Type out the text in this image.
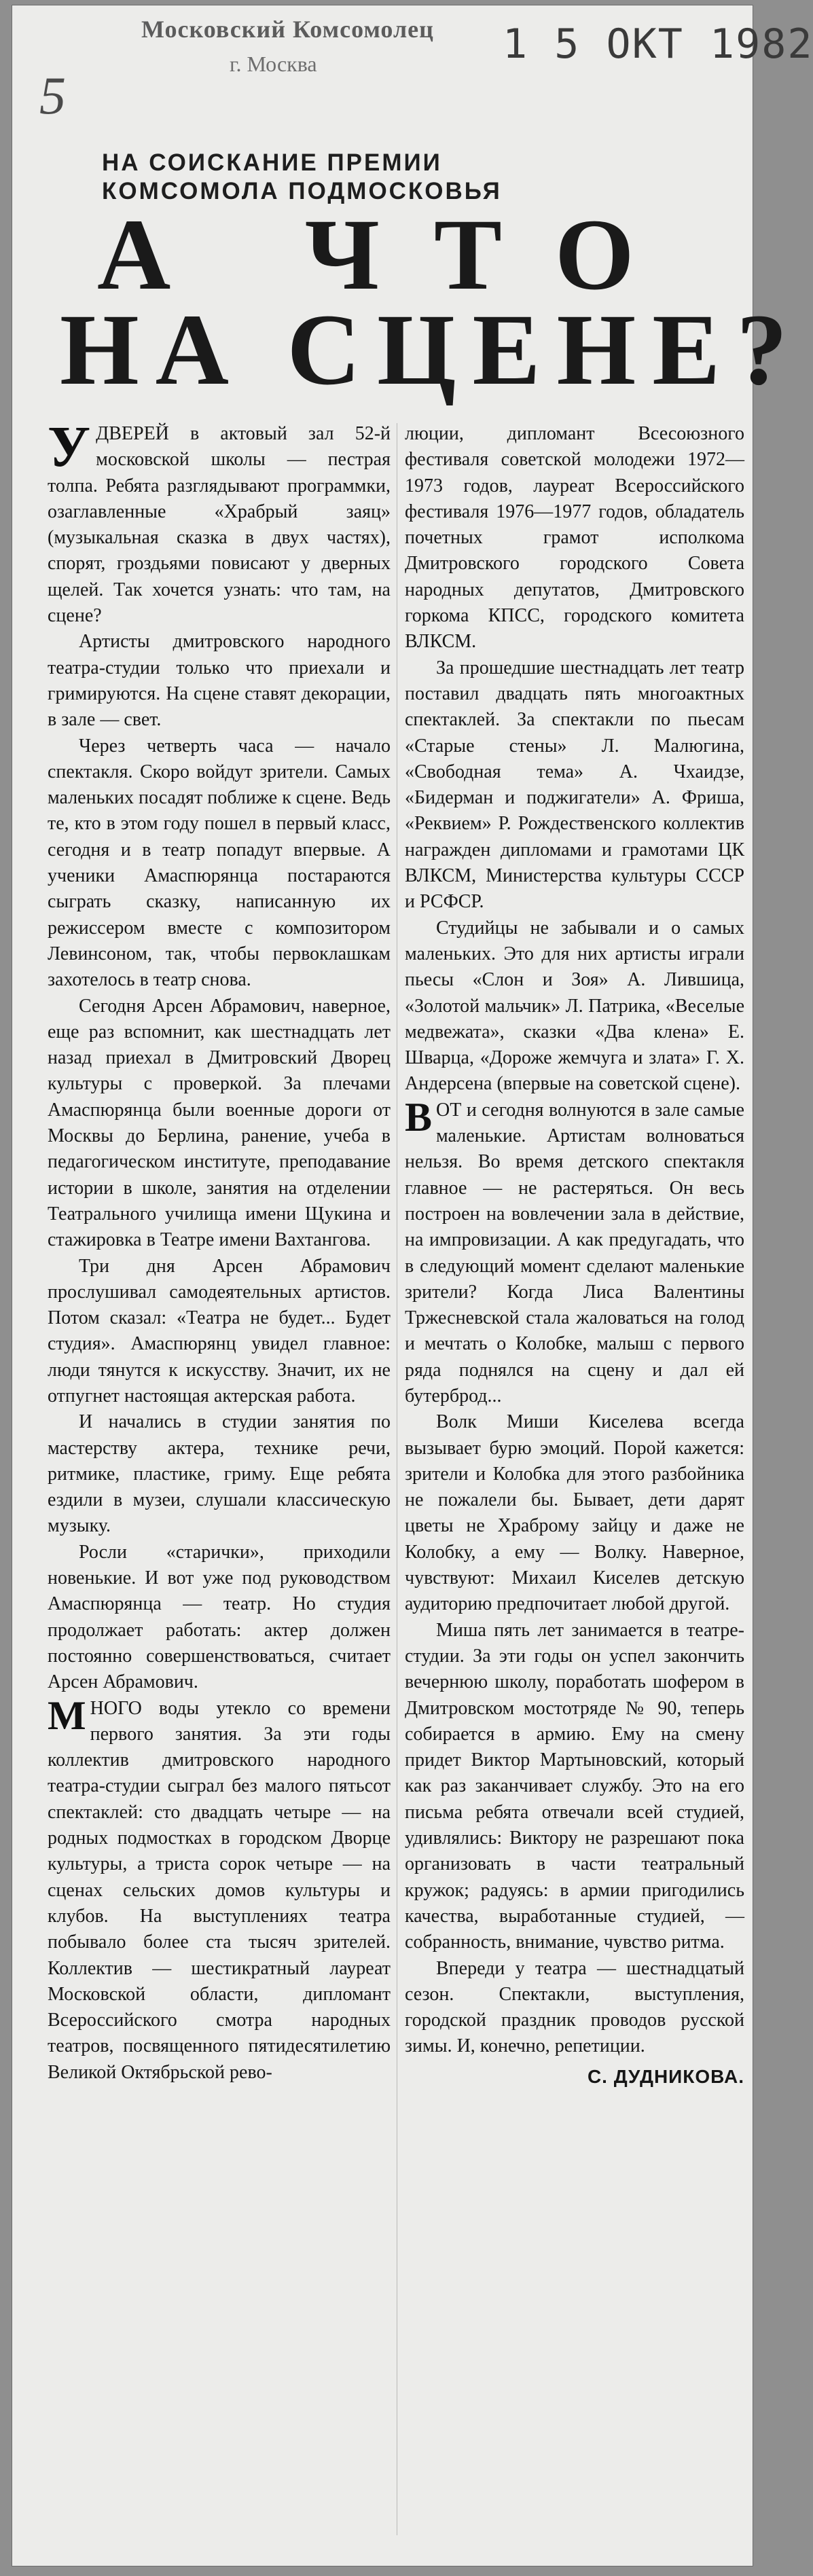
Московский Комсомолец
г. Москва	1 5 ОКТ 1982
5
НА СОИСКАНИЕ ПРЕМИИ
КОМСОМОЛА ПОДМОСКОВЬЯ
А ЧТО
НА СЦЕНЕ?

УДВЕРЕЙ в актовый зал 52-й московской школы — пестрая толпа. Ребята разглядывают программки, озаглавленные «Храбрый заяц» (музыкальная сказка в двух частях), спорят, гроздьями повисают у дверных щелей. Так хочется узнать: что там, на сцене?

Артисты дмитровского народного театра-студии только что приехали и гримируются. На сцене ставят декорации, в зале — свет.

Через четверть часа — начало спектакля. Скоро войдут зрители. Самых маленьких посадят поближе к сцене. Ведь те, кто в этом году пошел в первый класс, сегодня и в театр попадут впервые. А ученики Амаспюрянца постараются сыграть сказку, написанную их режиссером вместе с композитором Левинсоном, так, чтобы первоклашкам захотелось в театр снова.

Сегодня Арсен Абрамович, наверное, еще раз вспомнит, как шестнадцать лет назад приехал в Дмитровский Дворец культуры с проверкой. За плечами Амаспюрянца были военные дороги от Москвы до Берлина, ранение, учеба в педагогическом институте, преподавание истории в школе, занятия на отделении Театрального училища имени Щукина и стажировка в Театре имени Вахтангова.

Три дня Арсен Абрамович прослушивал самодеятельных артистов. Потом сказал: «Театра не будет... Будет студия». Амаспюрянц увидел главное: люди тянутся к искусству. Значит, их не отпугнет настоящая актерская работа.

И начались в студии занятия по мастерству актера, технике речи, ритмике, пластике, гриму. Еще ребята ездили в музеи, слушали классическую музыку.

Росли «старички», приходили новенькие. И вот уже под руководством Амаспюрянца — театр. Но студия продолжает работать: актер должен постоянно совершенствоваться, считает Арсен Абрамович.

МНОГО воды утекло со времени первого занятия. За эти годы коллектив дмитровского народного театра-студии сыграл без малого пятьсот спектаклей: сто двадцать четыре — на родных подмостках в городском Дворце культуры, а триста сорок четыре — на сценах сельских домов культуры и клубов. На выступлениях театра побывало более ста тысяч зрителей. Коллектив — шестикратный лауреат Московской области, дипломант Всероссийского смотра народных театров, посвященного пятидесятилетию Великой Октябрьской рево-

люции, дипломант Всесоюзного фестиваля советской молодежи 1972—1973 годов, лауреат Всероссийского фестиваля 1976—1977 годов, обладатель почетных грамот исполкома Дмитровского городского Совета народных депутатов, Дмитровского горкома КПСС, городского комитета ВЛКСМ.

За прошедшие шестнадцать лет театр поставил двадцать пять многоактных спектаклей. За спектакли по пьесам «Старые стены» Л. Малюгина, «Свободная тема» А. Чхаидзе, «Бидерман и поджигатели» А. Фриша, «Реквием» Р. Рождественского коллектив награжден дипломами и грамотами ЦК ВЛКСМ, Министерства культуры СССР и РСФСР.

Студийцы не забывали и о самых маленьких. Это для них артисты играли пьесы «Слон и Зоя» А. Лившица, «Золотой мальчик» Л. Патрика, «Веселые медвежата», сказки «Два клена» Е. Шварца, «Дороже жемчуга и злата» Г. Х. Андерсена (впервые на советской сцене).

ВОТ и сегодня волнуются в зале самые маленькие. Артистам волноваться нельзя. Во время детского спектакля главное — не растеряться. Он весь построен на вовлечении зала в действие, на импровизации. А как предугадать, что в следующий момент сделают маленькие зрители? Когда Лиса Валентины Тржесневской стала жаловаться на голод и мечтать о Колобке, малыш с первого ряда поднялся на сцену и дал ей бутерброд...

Волк Миши Киселева всегда вызывает бурю эмоций. Порой кажется: зрители и Колобка для этого разбойника не пожалели бы. Бывает, дети дарят цветы не Храброму зайцу и даже не Колобку, а ему — Волку. Наверное, чувствуют: Михаил Киселев детскую аудиторию предпочитает любой другой.

Миша пять лет занимается в театре-студии. За эти годы он успел закончить вечернюю школу, поработать шофером в Дмитровском мостотряде № 90, теперь собирается в армию. Ему на смену придет Виктор Мартыновский, который как раз заканчивает службу. Это на его письма ребята отвечали всей студией, удивлялись: Виктору не разрешают пока организовать в части театральный кружок; радуясь: в армии пригодились качества, выработанные студией, — собранность, внимание, чувство ритма.

Впереди у театра — шестнадцатый сезон. Спектакли, выступления, городской праздник проводов русской зимы. И, конечно, репетиции.

С. ДУДНИКОВА.
